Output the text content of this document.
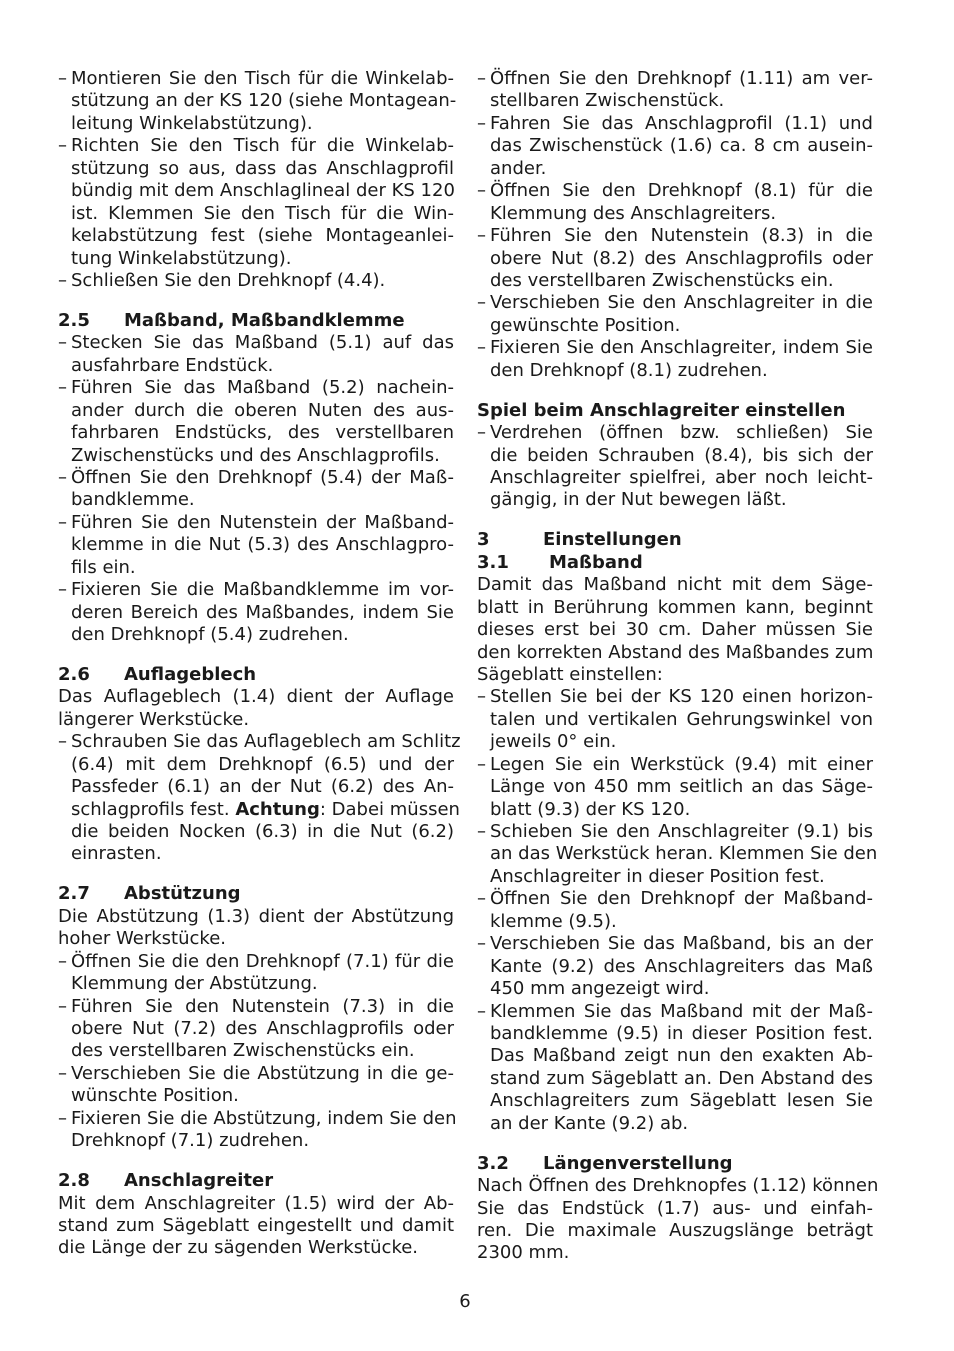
– Montieren Sie den Tisch für die Winkelab-
stützung an der KS 120 (siehe Montagean-
leitung Winkelabstützung).
– Richten Sie den Tisch für die Winkelab-
stützung so aus, dass das Anschlagprofil
bündig mit dem Anschlaglineal der KS 120
ist. Klemmen Sie den Tisch für die Win-
kelabstützung fest (siehe Montageanlei-
tung Winkelabstützung).
– Schließen Sie den Drehknopf (4.4).
2.5 Maßband, Maßbandklemme
– Stecken Sie das Maßband (5.1) auf das
ausfahrbare Endstück.
– Führen Sie das Maßband (5.2) nachein-
ander durch die oberen Nuten des aus-
fahrbaren Endstücks, des verstellbaren
Zwischenstücks und des Anschlagprofils.
– Öffnen Sie den Drehknopf (5.4) der Maß-
bandklemme.
– Führen Sie den Nutenstein der Maßband-
klemme in die Nut (5.3) des Anschlagpro-
fils ein.
– Fixieren Sie die Maßbandklemme im vor-
deren Bereich des Maßbandes, indem Sie
den Drehknopf (5.4) zudrehen.
2.6 Auflageblech
Das Auflageblech (1.4) dient der Auflage
längerer Werkstücke.
– Schrauben Sie das Auflageblech am Schlitz
(6.4) mit dem Drehknopf (6.5) und der
Passfeder (6.1) an der Nut (6.2) des An-
schlagprofils fest. Achtung: Dabei müssen
die beiden Nocken (6.3) in die Nut (6.2)
einrasten.
2.7 Abstützung
Die Abstützung (1.3) dient der Abstützung
hoher Werkstücke.
– Öffnen Sie die den Drehknopf (7.1) für die
Klemmung der Abstützung.
– Führen Sie den Nutenstein (7.3) in die
obere Nut (7.2) des Anschlagprofils oder
des verstellbaren Zwischenstücks ein.
– Verschieben Sie die Abstützung in die ge-
wünschte Position.
– Fixieren Sie die Abstützung, indem Sie den
Drehknopf (7.1) zudrehen.
2.8 Anschlagreiter
Mit dem Anschlagreiter (1.5) wird der Ab-
stand zum Sägeblatt eingestellt und damit
die Länge der zu sägenden Werkstücke.
– Öffnen Sie den Drehknopf (1.11) am ver-
stellbaren Zwischenstück.
– Fahren Sie das Anschlagprofil (1.1) und
das Zwischenstück (1.6) ca. 8 cm ausein-
ander.
– Öffnen Sie den Drehknopf (8.1) für die
Klemmung des Anschlagreiters.
– Führen Sie den Nutenstein (8.3) in die
obere Nut (8.2) des Anschlagprofils oder
des verstellbaren Zwischenstücks ein.
– Verschieben Sie den Anschlagreiter in die
gewünschte Position.
– Fixieren Sie den Anschlagreiter, indem Sie
den Drehknopf (8.1) zudrehen.
Spiel beim Anschlagreiter einstellen
– Verdrehen (öffnen bzw. schließen) Sie
die beiden Schrauben (8.4), bis sich der
Anschlagreiter spielfrei, aber noch leicht-
gängig, in der Nut bewegen läßt.
3	Einstellungen
3.1 Maßband
Damit das Maßband nicht mit dem Säge-
blatt in Berührung kommen kann, beginnt
dieses erst bei 30 cm. Daher müssen Sie
den korrekten Abstand des Maßbandes zum
Sägeblatt einstellen:
– Stellen Sie bei der KS 120 einen horizon-
talen und vertikalen Gehrungswinkel von
jeweils 0° ein.
– Legen Sie ein Werkstück (9.4) mit einer
Länge von 450 mm seitlich an das Säge-
blatt (9.3) der KS 120.
– Schieben Sie den Anschlagreiter (9.1) bis
an das Werkstück heran. Klemmen Sie den
Anschlagreiter in dieser Position fest.
– Öffnen Sie den Drehknopf der Maßband-
klemme (9.5).
– Verschieben Sie das Maßband, bis an der
Kante (9.2) des Anschlagreiters das Maß
450 mm angezeigt wird.
– Klemmen Sie das Maßband mit der Maß-
bandklemme (9.5) in dieser Position fest.
Das Maßband zeigt nun den exakten Ab-
stand zum Sägeblatt an. Den Abstand des
Anschlagreiters zum Sägeblatt lesen Sie
an der Kante (9.2) ab.
3.2 Längenverstellung
Nach Öffnen des Drehknopfes (1.12) können
Sie das Endstück (1.7) aus- und einfah-
ren. Die maximale Auszugslänge beträgt
2300 mm.
6
